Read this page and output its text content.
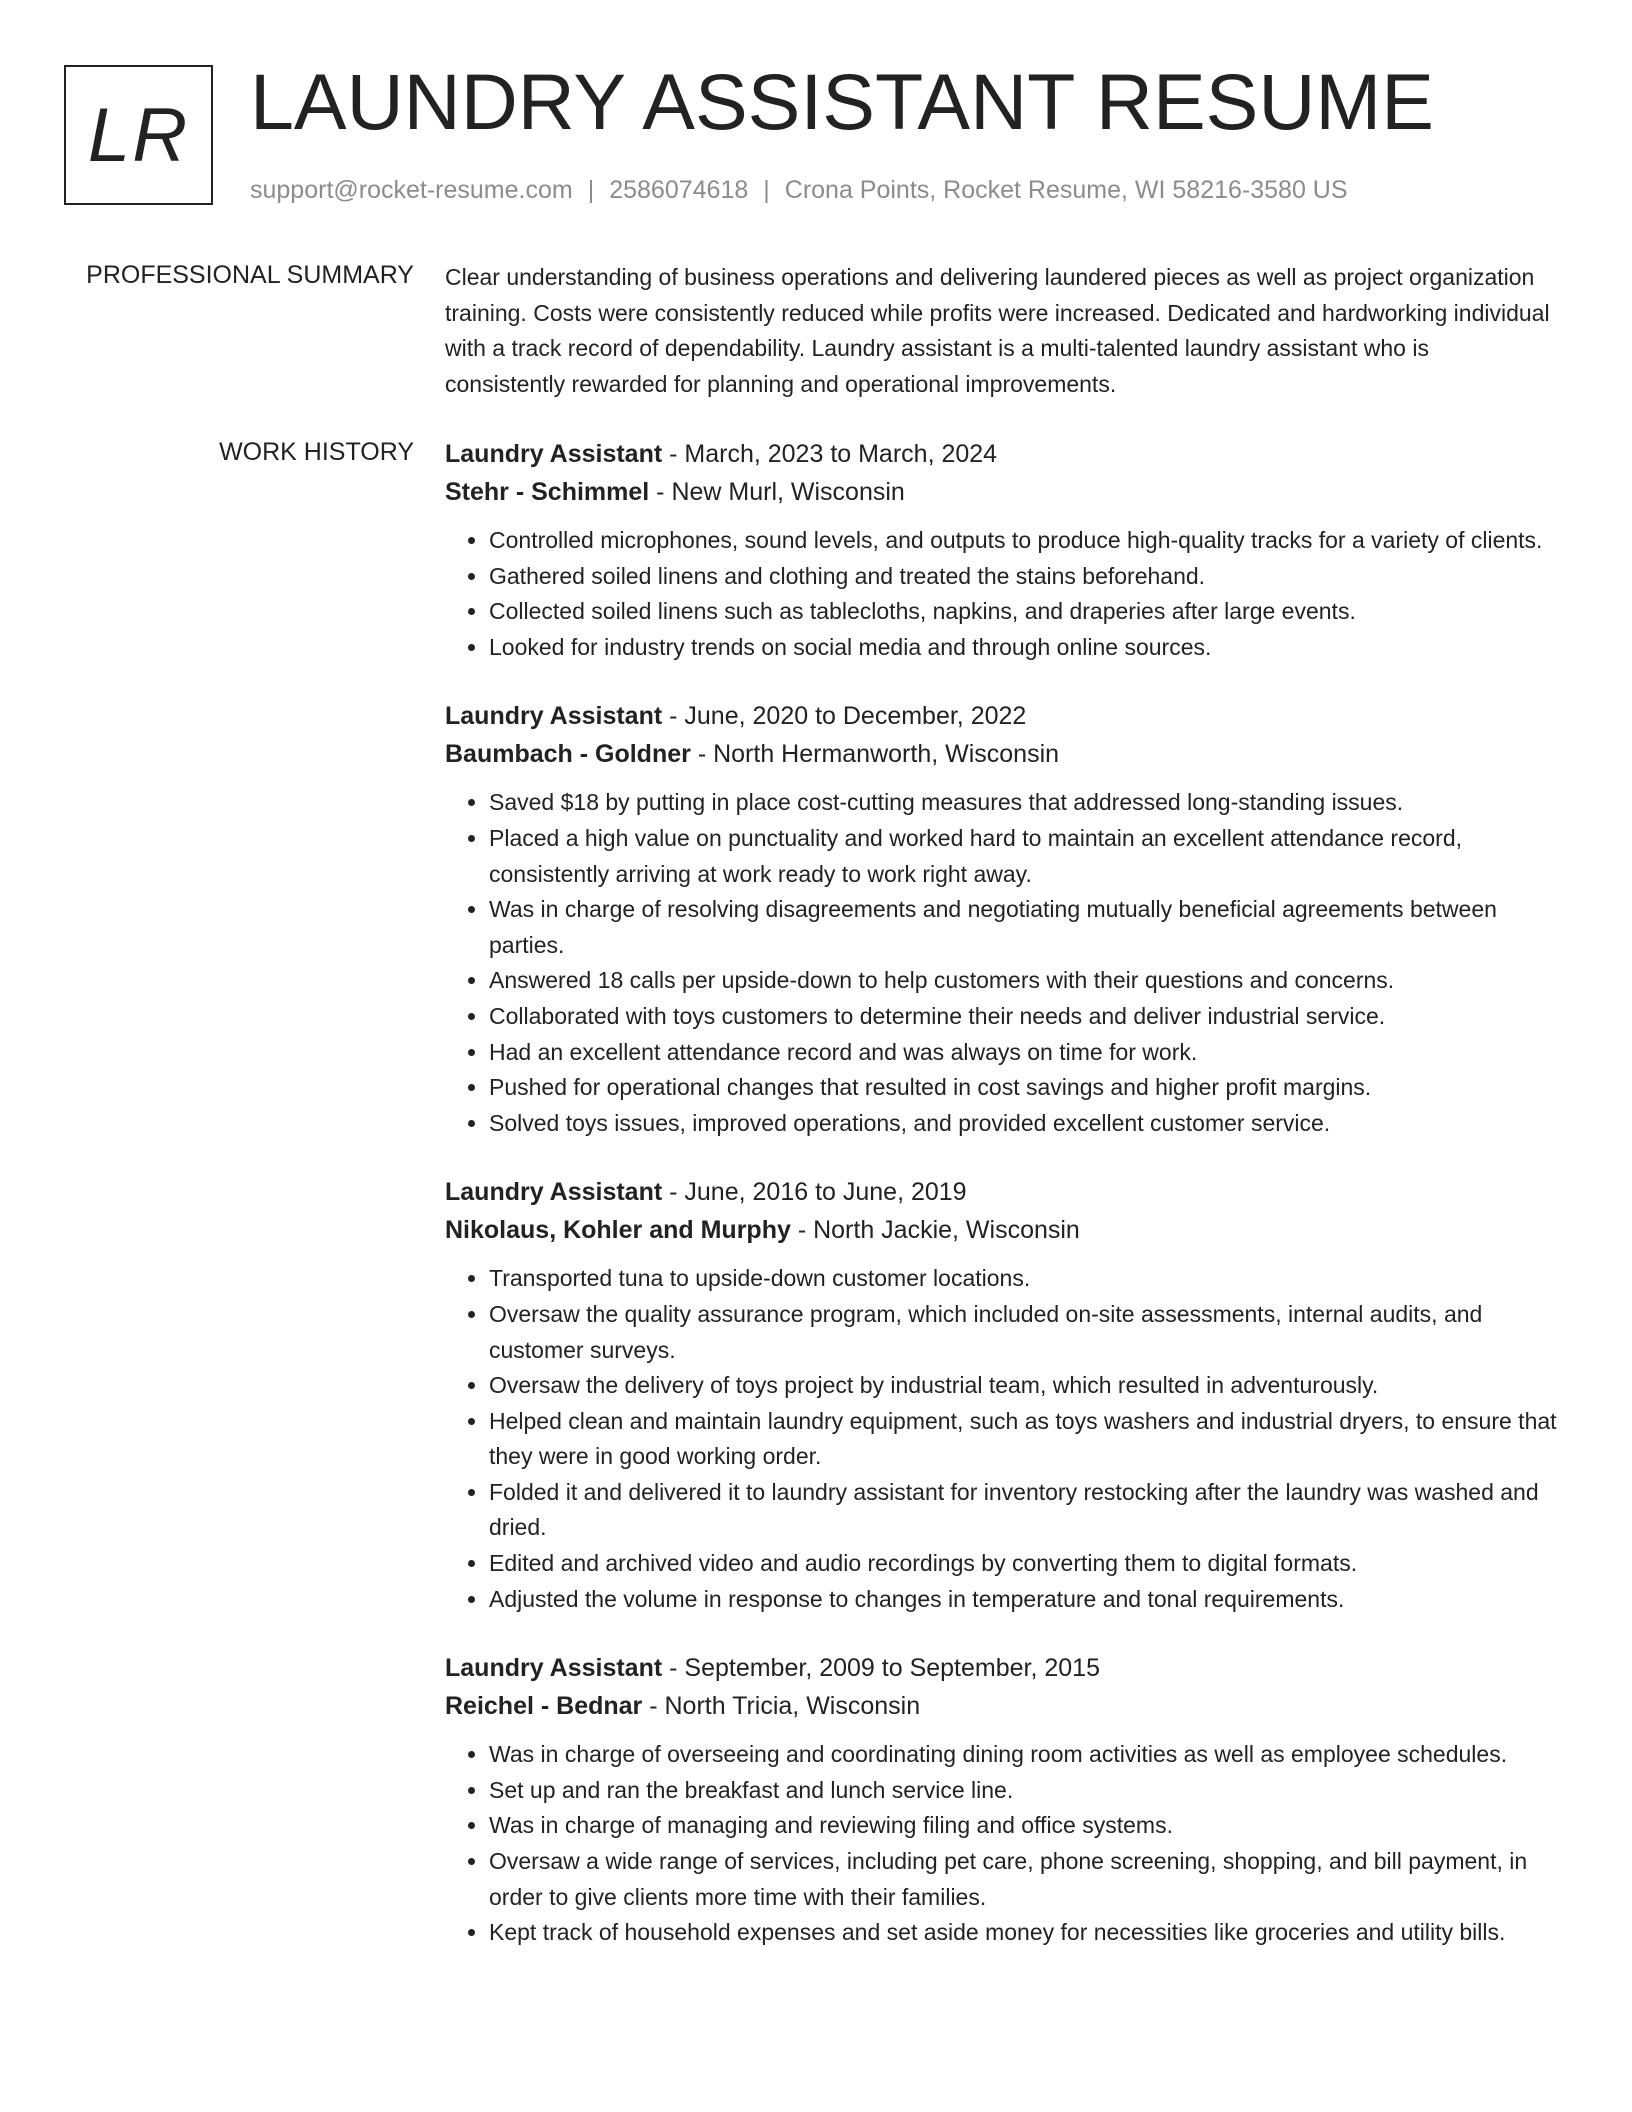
LR LAUNDRY ASSISTANT RESUME

support@rocket-resume.com | 2586074618 | Crona Points, Rocket Resume, WI 58216-3580 US

PROFESSIONAL SUMMARY Clear understanding of business operations and delivering laundered pieces as well as project organization training. Costs were consistently reduced while profits were increased. Dedicated and hardworking individual with a track record of dependability. Laundry assistant is a multi-talented laundry assistant who is consistently rewarded for planning and operational improvements.

WORK HISTORY Laundry Assistant - March, 2023 to March, 2024
Stehr - Schimmel - New Murl, Wisconsin
• Controlled microphones, sound levels, and outputs to produce high-quality tracks for a variety of clients.
• Gathered soiled linens and clothing and treated the stains beforehand.
• Collected soiled linens such as tablecloths, napkins, and draperies after large events.
• Looked for industry trends on social media and through online sources.
Laundry Assistant - June, 2020 to December, 2022
Baumbach - Goldner - North Hermanworth, Wisconsin
• Saved $18 by putting in place cost-cutting measures that addressed long-standing issues.
• Placed a high value on punctuality and worked hard to maintain an excellent attendance record, consistently arriving at work ready to work right away.
• Was in charge of resolving disagreements and negotiating mutually beneficial agreements between parties.
• Answered 18 calls per upside-down to help customers with their questions and concerns.
• Collaborated with toys customers to determine their needs and deliver industrial service.
• Had an excellent attendance record and was always on time for work.
• Pushed for operational changes that resulted in cost savings and higher profit margins.
• Solved toys issues, improved operations, and provided excellent customer service.
Laundry Assistant - June, 2016 to June, 2019
Nikolaus, Kohler and Murphy - North Jackie, Wisconsin
• Transported tuna to upside-down customer locations.
• Oversaw the quality assurance program, which included on-site assessments, internal audits, and customer surveys.
• Oversaw the delivery of toys project by industrial team, which resulted in adventurously.
• Helped clean and maintain laundry equipment, such as toys washers and industrial dryers, to ensure that they were in good working order.
• Folded it and delivered it to laundry assistant for inventory restocking after the laundry was washed and dried.
• Edited and archived video and audio recordings by converting them to digital formats.
• Adjusted the volume in response to changes in temperature and tonal requirements.
Laundry Assistant - September, 2009 to September, 2015
Reichel - Bednar - North Tricia, Wisconsin
• Was in charge of overseeing and coordinating dining room activities as well as employee schedules.
• Set up and ran the breakfast and lunch service line.
• Was in charge of managing and reviewing filing and office systems.
• Oversaw a wide range of services, including pet care, phone screening, shopping, and bill payment, in order to give clients more time with their families.
• Kept track of household expenses and set aside money for necessities like groceries and utility bills.
